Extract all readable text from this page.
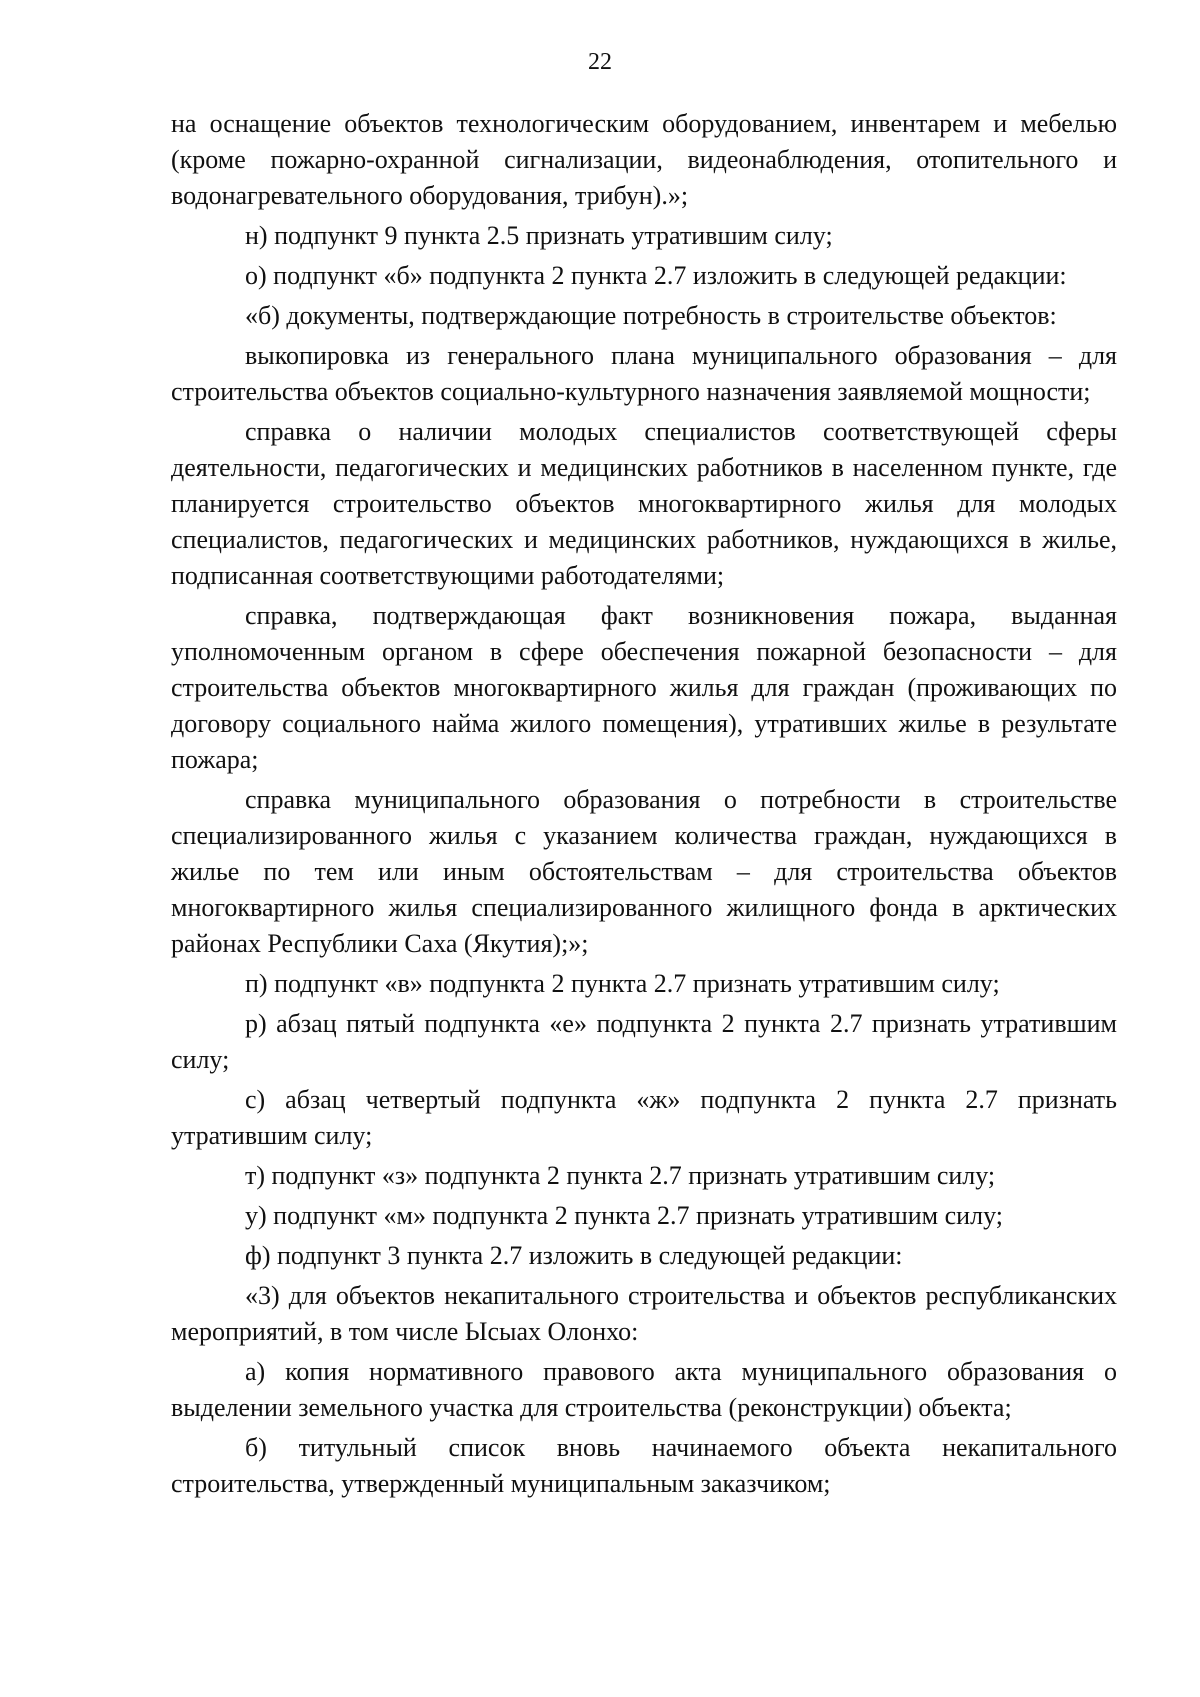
22

на оснащение объектов технологическим оборудованием, инвентарем и мебелью (кроме пожарно-охранной сигнализации, видеонаблюдения, отопительного и водонагревательного оборудования, трибун).»;

н) подпункт 9 пункта 2.5 признать утратившим силу;

о) подпункт «б» подпункта 2 пункта 2.7 изложить в следующей редакции:

«б) документы, подтверждающие потребность в строительстве объектов:

выкопировка из генерального плана муниципального образования – для строительства объектов социально-культурного назначения заявляемой мощности;

справка о наличии молодых специалистов соответствующей сферы деятельности, педагогических и медицинских работников в населенном пункте, где планируется строительство объектов многоквартирного жилья для молодых специалистов, педагогических и медицинских работников, нуждающихся в жилье, подписанная соответствующими работодателями;

справка, подтверждающая факт возникновения пожара, выданная уполномоченным органом в сфере обеспечения пожарной безопасности – для строительства объектов многоквартирного жилья для граждан (проживающих по договору социального найма жилого помещения), утративших жилье в результате пожара;

справка муниципального образования о потребности в строительстве специализированного жилья с указанием количества граждан, нуждающихся в жилье по тем или иным обстоятельствам – для строительства объектов многоквартирного жилья специализированного жилищного фонда в арктических районах Республики Саха (Якутия);»;

п) подпункт «в» подпункта 2 пункта 2.7 признать утратившим силу;

р) абзац пятый подпункта «е» подпункта 2 пункта 2.7 признать утратившим силу;

с) абзац четвертый подпункта «ж» подпункта 2 пункта 2.7 признать утратившим силу;

т) подпункт «з» подпункта 2 пункта 2.7 признать утратившим силу;

у) подпункт «м» подпункта 2 пункта 2.7 признать утратившим силу;

ф) подпункт 3 пункта 2.7 изложить в следующей редакции:

«3) для объектов некапитального строительства и объектов республиканских мероприятий, в том числе Ысыах Олонхо:

а) копия нормативного правового акта муниципального образования о выделении земельного участка для строительства (реконструкции) объекта;

б) титульный список вновь начинаемого объекта некапитального строительства, утвержденный муниципальным заказчиком;
